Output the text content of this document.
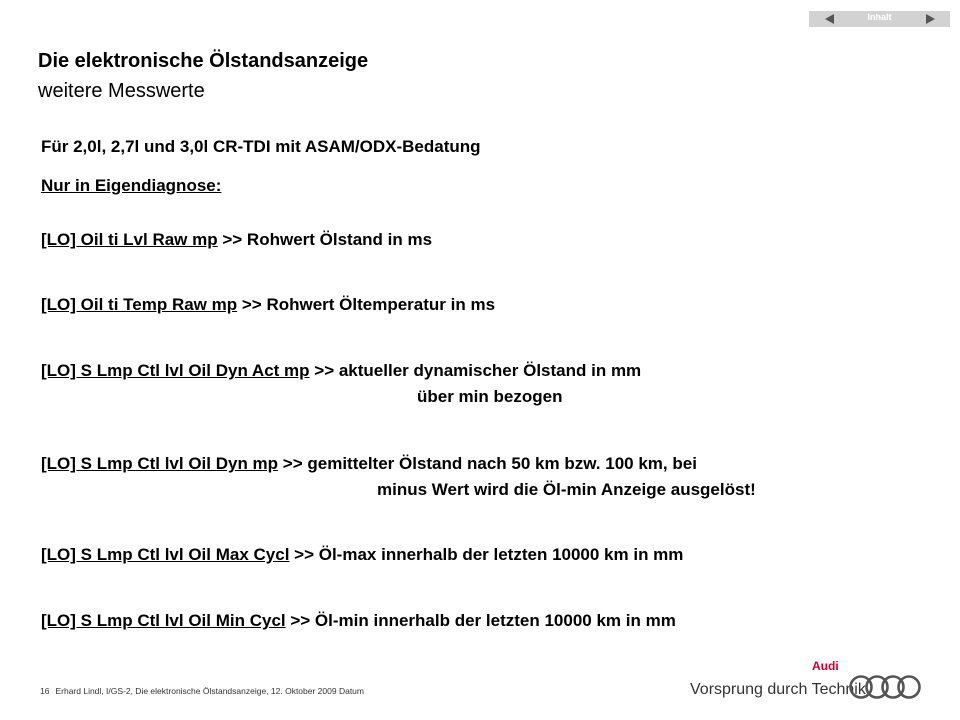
Inhalt
Die elektronische Ölstandsanzeige
weitere Messwerte
Für 2,0l, 2,7l und 3,0l CR-TDI mit ASAM/ODX-Bedatung
Nur in Eigendiagnose:
[LO] Oil ti Lvl Raw mp >> Rohwert Ölstand in ms
[LO] Oil ti Temp Raw mp >> Rohwert Öltemperatur in ms
[LO] S Lmp Ctl lvl Oil Dyn Act mp >> aktueller dynamischer Ölstand in mm
über min bezogen
[LO] S Lmp Ctl lvl Oil Dyn mp >> gemittelter Ölstand nach 50 km bzw. 100 km, bei
minus Wert wird die Öl-min Anzeige ausgelöst!
[LO] S Lmp Ctl lvl Oil Max Cycl >> Öl-max innerhalb der letzten 10000 km in mm
[LO] S Lmp Ctl lvl Oil Min Cycl >> Öl-min innerhalb der letzten 10000 km in mm
16 Erhard Lindl, I/GS-2, Die elektronische Ölstandsanzeige, 12. Oktober 2009 Datum
Audi
Vorsprung durch Technik
